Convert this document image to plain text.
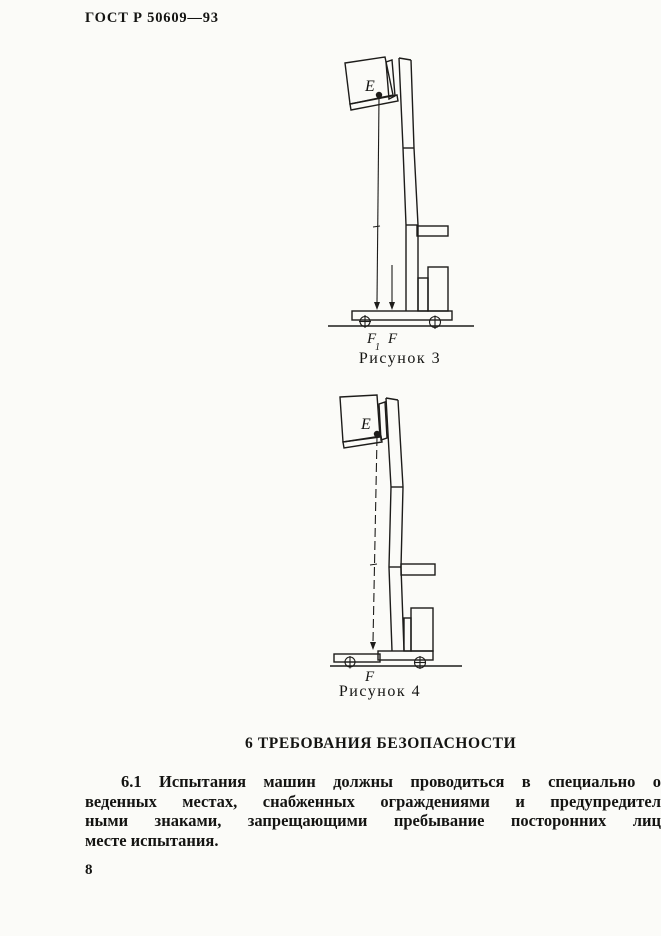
ГОСТ Р 50609—93
E
F
1
F
Рисунок 3
E
F
Рисунок 4
6 ТРЕБОВАНИЯ БЕЗОПАСНОСТИ
6.1 Испытания машин должны проводиться в специально о
веденных местах, снабженных ограждениями и предупредител
ными знаками, запрещающими пребывание посторонних лиц
месте испытания.
8
